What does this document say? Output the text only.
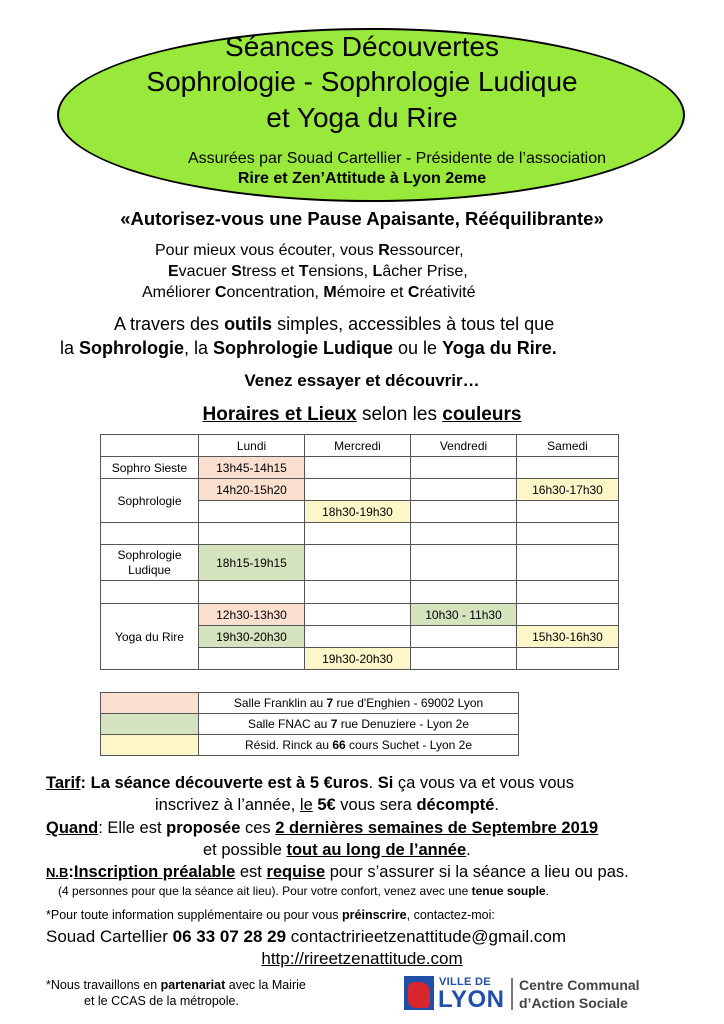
Séances Découvertes
Sophrologie - Sophrologie Ludique
et Yoga du Rire
Assurées par Souad Cartellier - Présidente de l’association
Rire et Zen’Attitude à Lyon 2eme
«Autorisez-vous une Pause Apaisante, Rééquilibrante»
Pour mieux vous écouter, vous Ressourcer,
Evacuer Stress et Tensions, Lâcher Prise,
Améliorer Concentration, Mémoire et Créativité
A travers des outils simples, accessibles à tous tel que
la Sophrologie, la Sophrologie Ludique ou le Yoga du Rire.
Venez essayer et découvrir…
Horaires et Lieux selon les couleurs
	Lundi	Mercredi	Vendredi	Samedi
Sophro Sieste	13h45-14h15			
Sophrologie	14h20-15h20			16h30-17h30
		18h30-19h30		

Sophrologie
Ludique	18h15-19h15			

Yoga du Rire	12h30-13h30		10h30 - 11h30	
	19h30-20h30			15h30-16h30
		19h30-20h30		
	Salle Franklin au 7 rue d'Enghien - 69002 Lyon
	Salle FNAC au 7 rue Denuziere - Lyon 2e
	Résid. Rinck au 66 cours Suchet - Lyon 2e
Tarif: La séance découverte est à 5 €uros. Si ça vous va et vous vous
inscrivez à l’année, le 5€ vous sera décompté.
Quand: Elle est proposée ces 2 dernières semaines de Septembre 2019
et possible tout au long de l’année.
N.B:Inscription préalable est requise pour s’assurer si la séance a lieu ou pas.
(4 personnes pour que la séance ait lieu). Pour votre confort, venez avec une tenue souple.
*Pour toute information supplémentaire ou pour vous préinscrire, contactez-moi:
Souad Cartellier 06 33 07 28 29 contactririeetzenattitude@gmail.com
http://rireetzenattitude.com
*Nous travaillons en partenariat avec la Mairie
et le CCAS de la métropole.
VILLE DE
LYON
Centre Communal
d’Action Sociale
